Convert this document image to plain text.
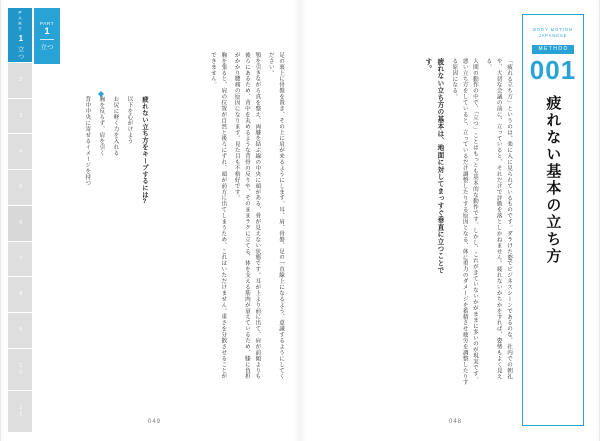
PART
1
立つ
2
3
4
5
6
7
8
9
10
11
PART
1
立つ
疲れない立ち方をキープするには?
以下を心がけよう
お尻に軽く力を入れる
胸を反らず、肩を引く
背中中央に寄せるイメージを持つ	足の裏上に骨盤を置き、その上に肩が来るようにします。耳、肩、骨盤、足の一直線上になるよう、意識するようにしてください。
顎を引きながら真を整え、両膝を結ぶ線の中央に頭がある、骨が見えない状態です。耳が上より前に出て、肩が前傾よりも後ろにあるため、背中を丸めるような背骨の反りや、そのままラクに立てる、体を支える筋肉が衰えているため、膝に負担がかかり腰痛の原因になります。見た目も不格好です。
胸を張ると、肩の位置が自然と後ろにずれ、頭が前方に出てしまうため、これはいただけません。重さを分散させることができません。
049
BODY MOTION JAPANESE
METHOD
001
疲れない基本の立ち方
疲れない立ち方の基本は、地面に対してまっすぐ垂直に立つことです。	人間の動作の中で、「立つ」ことはもっとも基本的な動作です。しかし、これがきていないかがままに多いのが現実です。悪い立ち方をしていると、立っているだけ調整したりする原因となる、体に重力のダメージを蓄積させ疲労を調整したりする原因になる。	「疲れる立ち方」というのは、楽に入に見られているものです。ダラけた姿でビジネスシーンであるのな、社内での朝礼や、大切な会議の前に、立っていると、それだけで評価を落としかねません。疲れないかちかをすれば、姿勢もよく見える。
048
